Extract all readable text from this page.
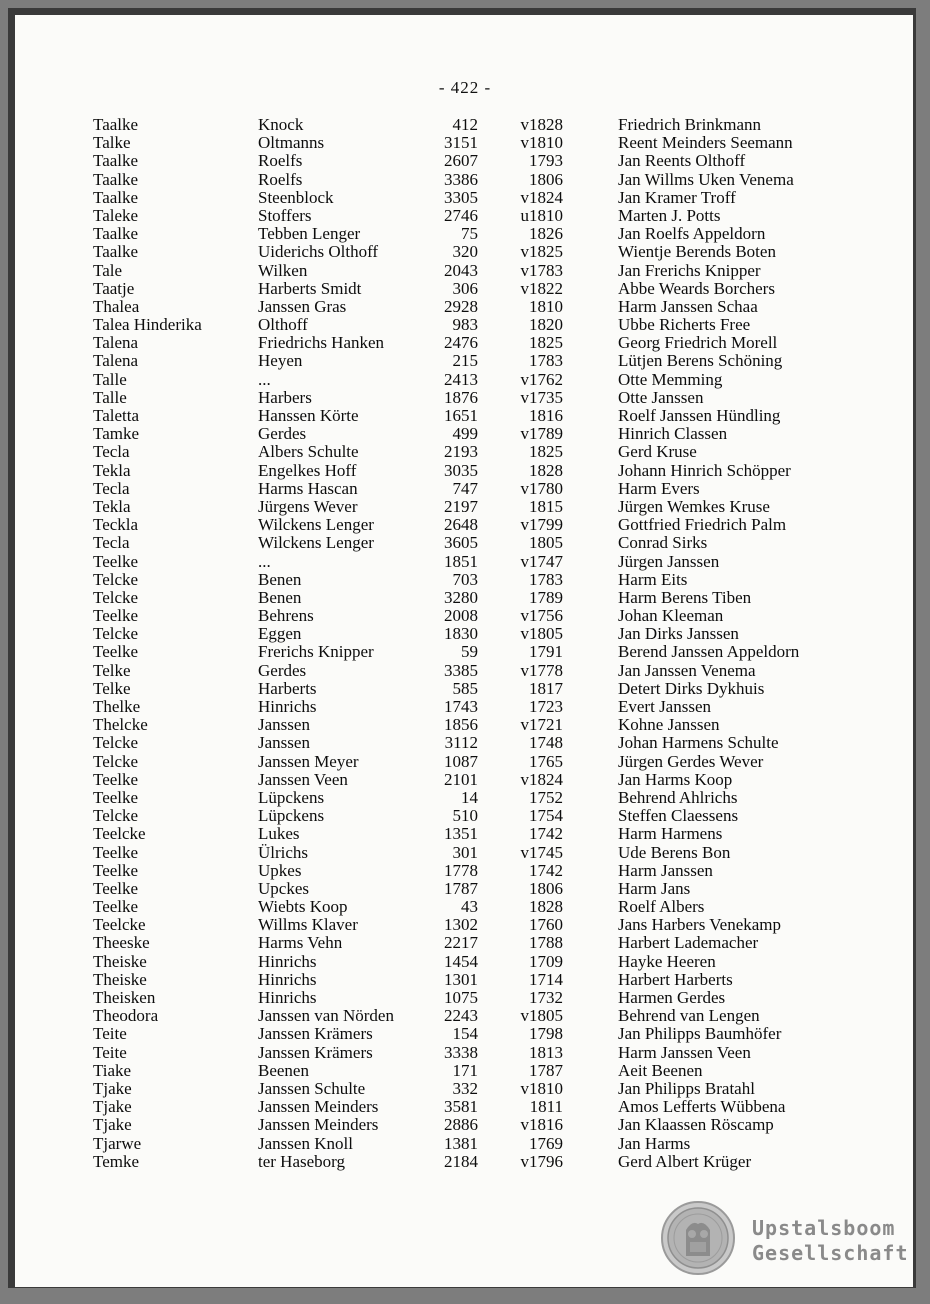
- 422 -
Taalke	Knock	412	v1828	Friedrich Brinkmann
Talke	Oltmanns	3151	v1810	Reent Meinders Seemann
Taalke	Roelfs	2607	1793	Jan Reents Olthoff
Taalke	Roelfs	3386	1806	Jan Willms Uken Venema
Taalke	Steenblock	3305	v1824	Jan Kramer Troff
Taleke	Stoffers	2746	u1810	Marten J. Potts
Taalke	Tebben Lenger	75	1826	Jan Roelfs Appeldorn
Taalke	Uiderichs Olthoff	320	v1825	Wientje Berends Boten
Tale	Wilken	2043	v1783	Jan Frerichs Knipper
Taatje	Harberts Smidt	306	v1822	Abbe Weards Borchers
Thalea	Janssen Gras	2928	1810	Harm Janssen Schaa
Talea Hinderika	Olthoff	983	1820	Ubbe Richerts Free
Talena	Friedrichs Hanken	2476	1825	Georg Friedrich Morell
Talena	Heyen	215	1783	Lütjen Berens Schöning
Talle	...	2413	v1762	Otte Memming
Talle	Harbers	1876	v1735	Otte Janssen
Taletta	Hanssen Körte	1651	1816	Roelf Janssen Hündling
Tamke	Gerdes	499	v1789	Hinrich Classen
Tecla	Albers Schulte	2193	1825	Gerd Kruse
Tekla	Engelkes Hoff	3035	1828	Johann Hinrich Schöpper
Tecla	Harms Hascan	747	v1780	Harm Evers
Tekla	Jürgens Wever	2197	1815	Jürgen Wemkes Kruse
Teckla	Wilckens Lenger	2648	v1799	Gottfried Friedrich Palm
Tecla	Wilckens Lenger	3605	1805	Conrad Sirks
Teelke	...	1851	v1747	Jürgen Janssen
Telcke	Benen	703	1783	Harm Eits
Telcke	Benen	3280	1789	Harm Berens Tiben
Teelke	Behrens	2008	v1756	Johan Kleeman
Telcke	Eggen	1830	v1805	Jan Dirks Janssen
Teelke	Frerichs Knipper	59	1791	Berend Janssen Appeldorn
Telke	Gerdes	3385	v1778	Jan Janssen Venema
Telke	Harberts	585	1817	Detert Dirks Dykhuis
Thelke	Hinrichs	1743	1723	Evert Janssen
Thelcke	Janssen	1856	v1721	Kohne Janssen
Telcke	Janssen	3112	1748	Johan Harmens Schulte
Telcke	Janssen Meyer	1087	1765	Jürgen Gerdes Wever
Teelke	Janssen Veen	2101	v1824	Jan Harms Koop
Teelke	Lüpckens	14	1752	Behrend Ahlrichs
Telcke	Lüpckens	510	1754	Steffen Claessens
Teelcke	Lukes	1351	1742	Harm Harmens
Teelke	Ülrichs	301	v1745	Ude Berens Bon
Teelke	Upkes	1778	1742	Harm Janssen
Teelke	Upckes	1787	1806	Harm Jans
Teelke	Wiebts Koop	43	1828	Roelf Albers
Teelcke	Willms Klaver	1302	1760	Jans Harbers Venekamp
Theeske	Harms Vehn	2217	1788	Harbert Lademacher
Theiske	Hinrichs	1454	1709	Hayke Heeren
Theiske	Hinrichs	1301	1714	Harbert Harberts
Theisken	Hinrichs	1075	1732	Harmen Gerdes
Theodora	Janssen van Nörden	2243	v1805	Behrend van Lengen
Teite	Janssen Krämers	154	1798	Jan Philipps Baumhöfer
Teite	Janssen Krämers	3338	1813	Harm Janssen Veen
Tiake	Beenen	171	1787	Aeit Beenen
Tjake	Janssen Schulte	332	v1810	Jan Philipps Bratahl
Tjake	Janssen Meinders	3581	1811	Amos Lefferts Wübbena
Tjake	Janssen Meinders	2886	v1816	Jan Klaassen Röscamp
Tjarwe	Janssen Knoll	1381	1769	Jan Harms
Temke	ter Haseborg	2184	v1796	Gerd Albert Krüger
Upstalsboom
Gesellschaft
